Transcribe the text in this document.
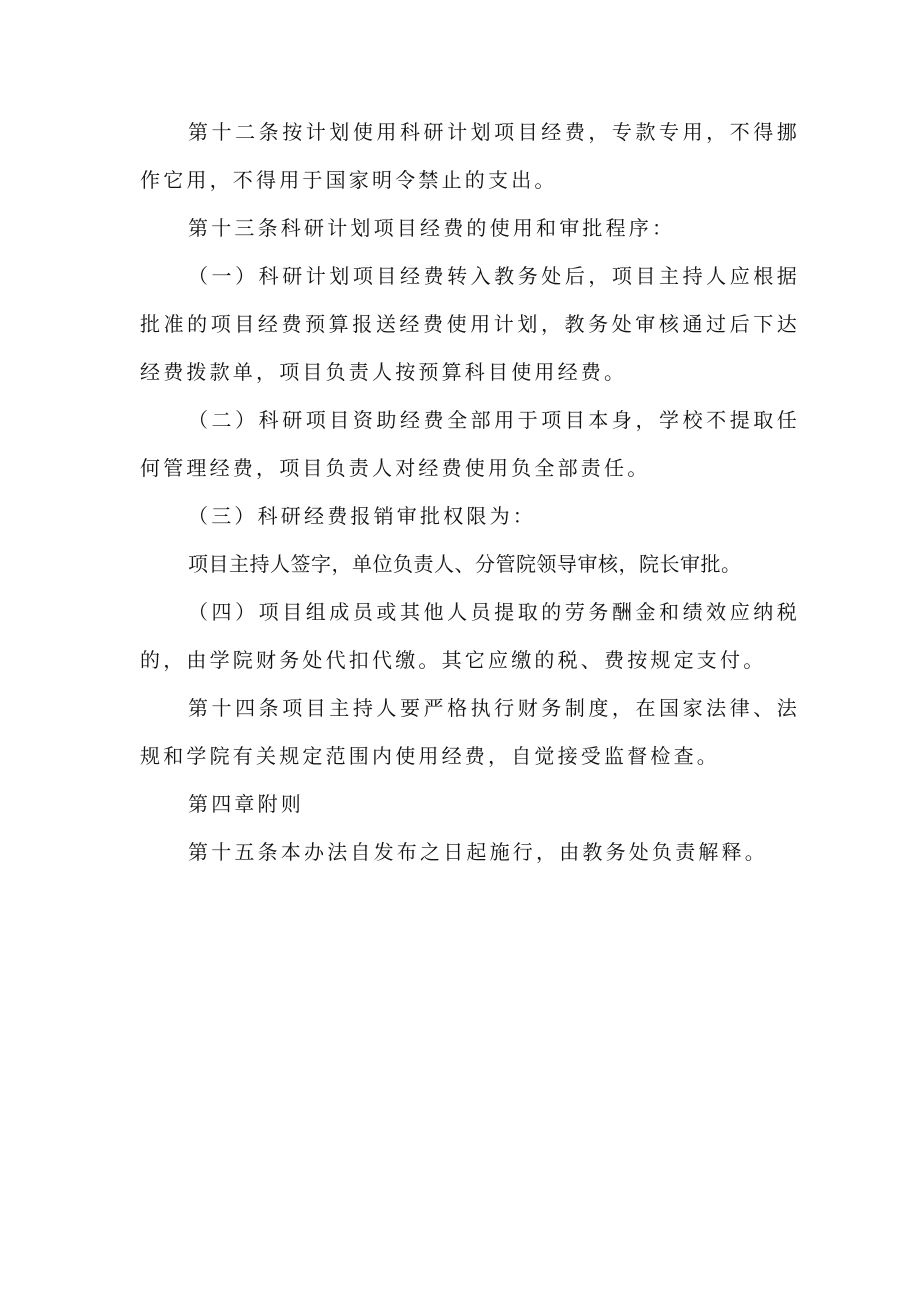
第十二条按计划使用科研计划项目经费，专款专用，不得挪作它用，不得用于国家明令禁止的支出。

第十三条科研计划项目经费的使用和审批程序：

（一）科研计划项目经费转入教务处后，项目主持人应根据批准的项目经费预算报送经费使用计划，教务处审核通过后下达经费拨款单，项目负责人按预算科目使用经费。

（二）科研项目资助经费全部用于项目本身，学校不提取任何管理经费，项目负责人对经费使用负全部责任。

（三）科研经费报销审批权限为：

项目主持人签字，单位负责人、分管院领导审核，院长审批。

（四）项目组成员或其他人员提取的劳务酬金和绩效应纳税的，由学院财务处代扣代缴。其它应缴的税、费按规定支付。

第十四条项目主持人要严格执行财务制度，在国家法律、法规和学院有关规定范围内使用经费，自觉接受监督检查。

第四章附则

第十五条本办法自发布之日起施行，由教务处负责解释。
